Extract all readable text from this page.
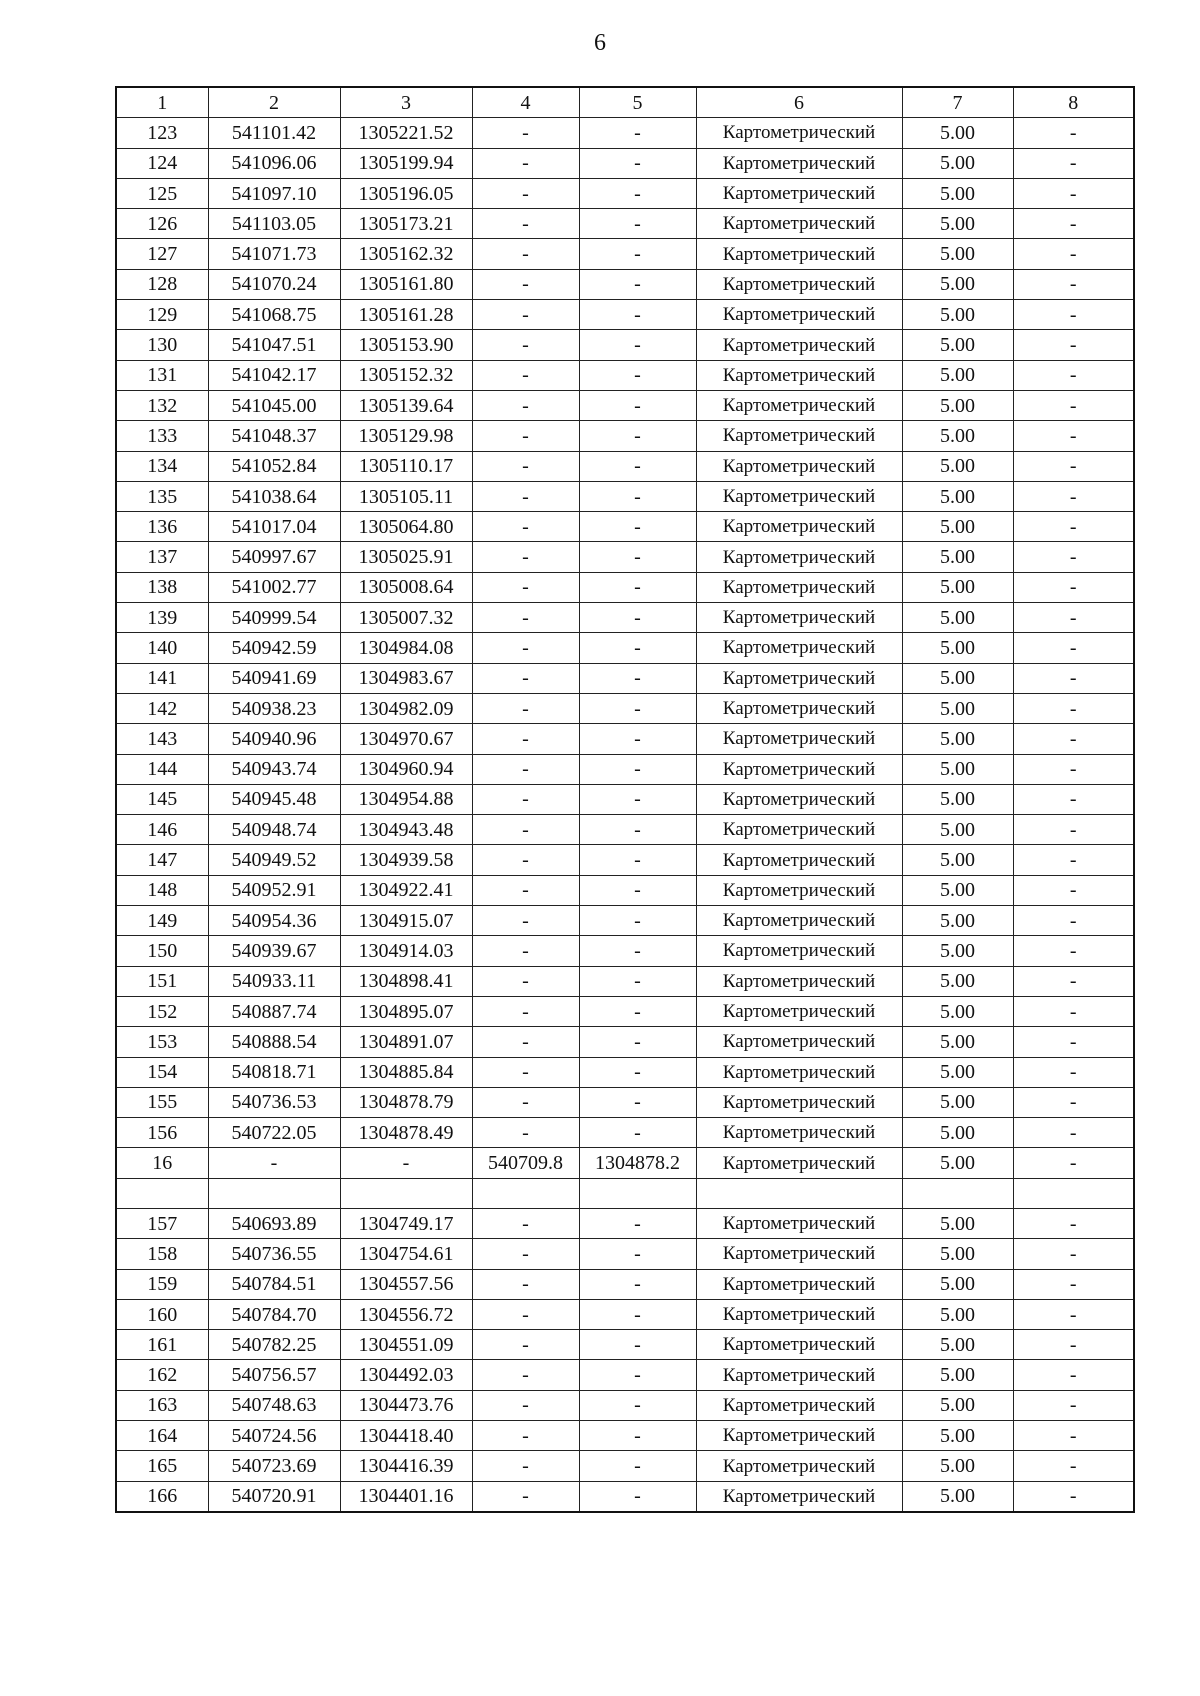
6
1	2	3	4	5	6	7	8
123	541101.42	1305221.52	-	-	Картометрический	5.00	-
124	541096.06	1305199.94	-	-	Картометрический	5.00	-
125	541097.10	1305196.05	-	-	Картометрический	5.00	-
126	541103.05	1305173.21	-	-	Картометрический	5.00	-
127	541071.73	1305162.32	-	-	Картометрический	5.00	-
128	541070.24	1305161.80	-	-	Картометрический	5.00	-
129	541068.75	1305161.28	-	-	Картометрический	5.00	-
130	541047.51	1305153.90	-	-	Картометрический	5.00	-
131	541042.17	1305152.32	-	-	Картометрический	5.00	-
132	541045.00	1305139.64	-	-	Картометрический	5.00	-
133	541048.37	1305129.98	-	-	Картометрический	5.00	-
134	541052.84	1305110.17	-	-	Картометрический	5.00	-
135	541038.64	1305105.11	-	-	Картометрический	5.00	-
136	541017.04	1305064.80	-	-	Картометрический	5.00	-
137	540997.67	1305025.91	-	-	Картометрический	5.00	-
138	541002.77	1305008.64	-	-	Картометрический	5.00	-
139	540999.54	1305007.32	-	-	Картометрический	5.00	-
140	540942.59	1304984.08	-	-	Картометрический	5.00	-
141	540941.69	1304983.67	-	-	Картометрический	5.00	-
142	540938.23	1304982.09	-	-	Картометрический	5.00	-
143	540940.96	1304970.67	-	-	Картометрический	5.00	-
144	540943.74	1304960.94	-	-	Картометрический	5.00	-
145	540945.48	1304954.88	-	-	Картометрический	5.00	-
146	540948.74	1304943.48	-	-	Картометрический	5.00	-
147	540949.52	1304939.58	-	-	Картометрический	5.00	-
148	540952.91	1304922.41	-	-	Картометрический	5.00	-
149	540954.36	1304915.07	-	-	Картометрический	5.00	-
150	540939.67	1304914.03	-	-	Картометрический	5.00	-
151	540933.11	1304898.41	-	-	Картометрический	5.00	-
152	540887.74	1304895.07	-	-	Картометрический	5.00	-
153	540888.54	1304891.07	-	-	Картометрический	5.00	-
154	540818.71	1304885.84	-	-	Картометрический	5.00	-
155	540736.53	1304878.79	-	-	Картометрический	5.00	-
156	540722.05	1304878.49	-	-	Картометрический	5.00	-
16	-	-	540709.8	1304878.2	Картометрический	5.00	-

157	540693.89	1304749.17	-	-	Картометрический	5.00	-
158	540736.55	1304754.61	-	-	Картометрический	5.00	-
159	540784.51	1304557.56	-	-	Картометрический	5.00	-
160	540784.70	1304556.72	-	-	Картометрический	5.00	-
161	540782.25	1304551.09	-	-	Картометрический	5.00	-
162	540756.57	1304492.03	-	-	Картометрический	5.00	-
163	540748.63	1304473.76	-	-	Картометрический	5.00	-
164	540724.56	1304418.40	-	-	Картометрический	5.00	-
165	540723.69	1304416.39	-	-	Картометрический	5.00	-
166	540720.91	1304401.16	-	-	Картометрический	5.00	-
